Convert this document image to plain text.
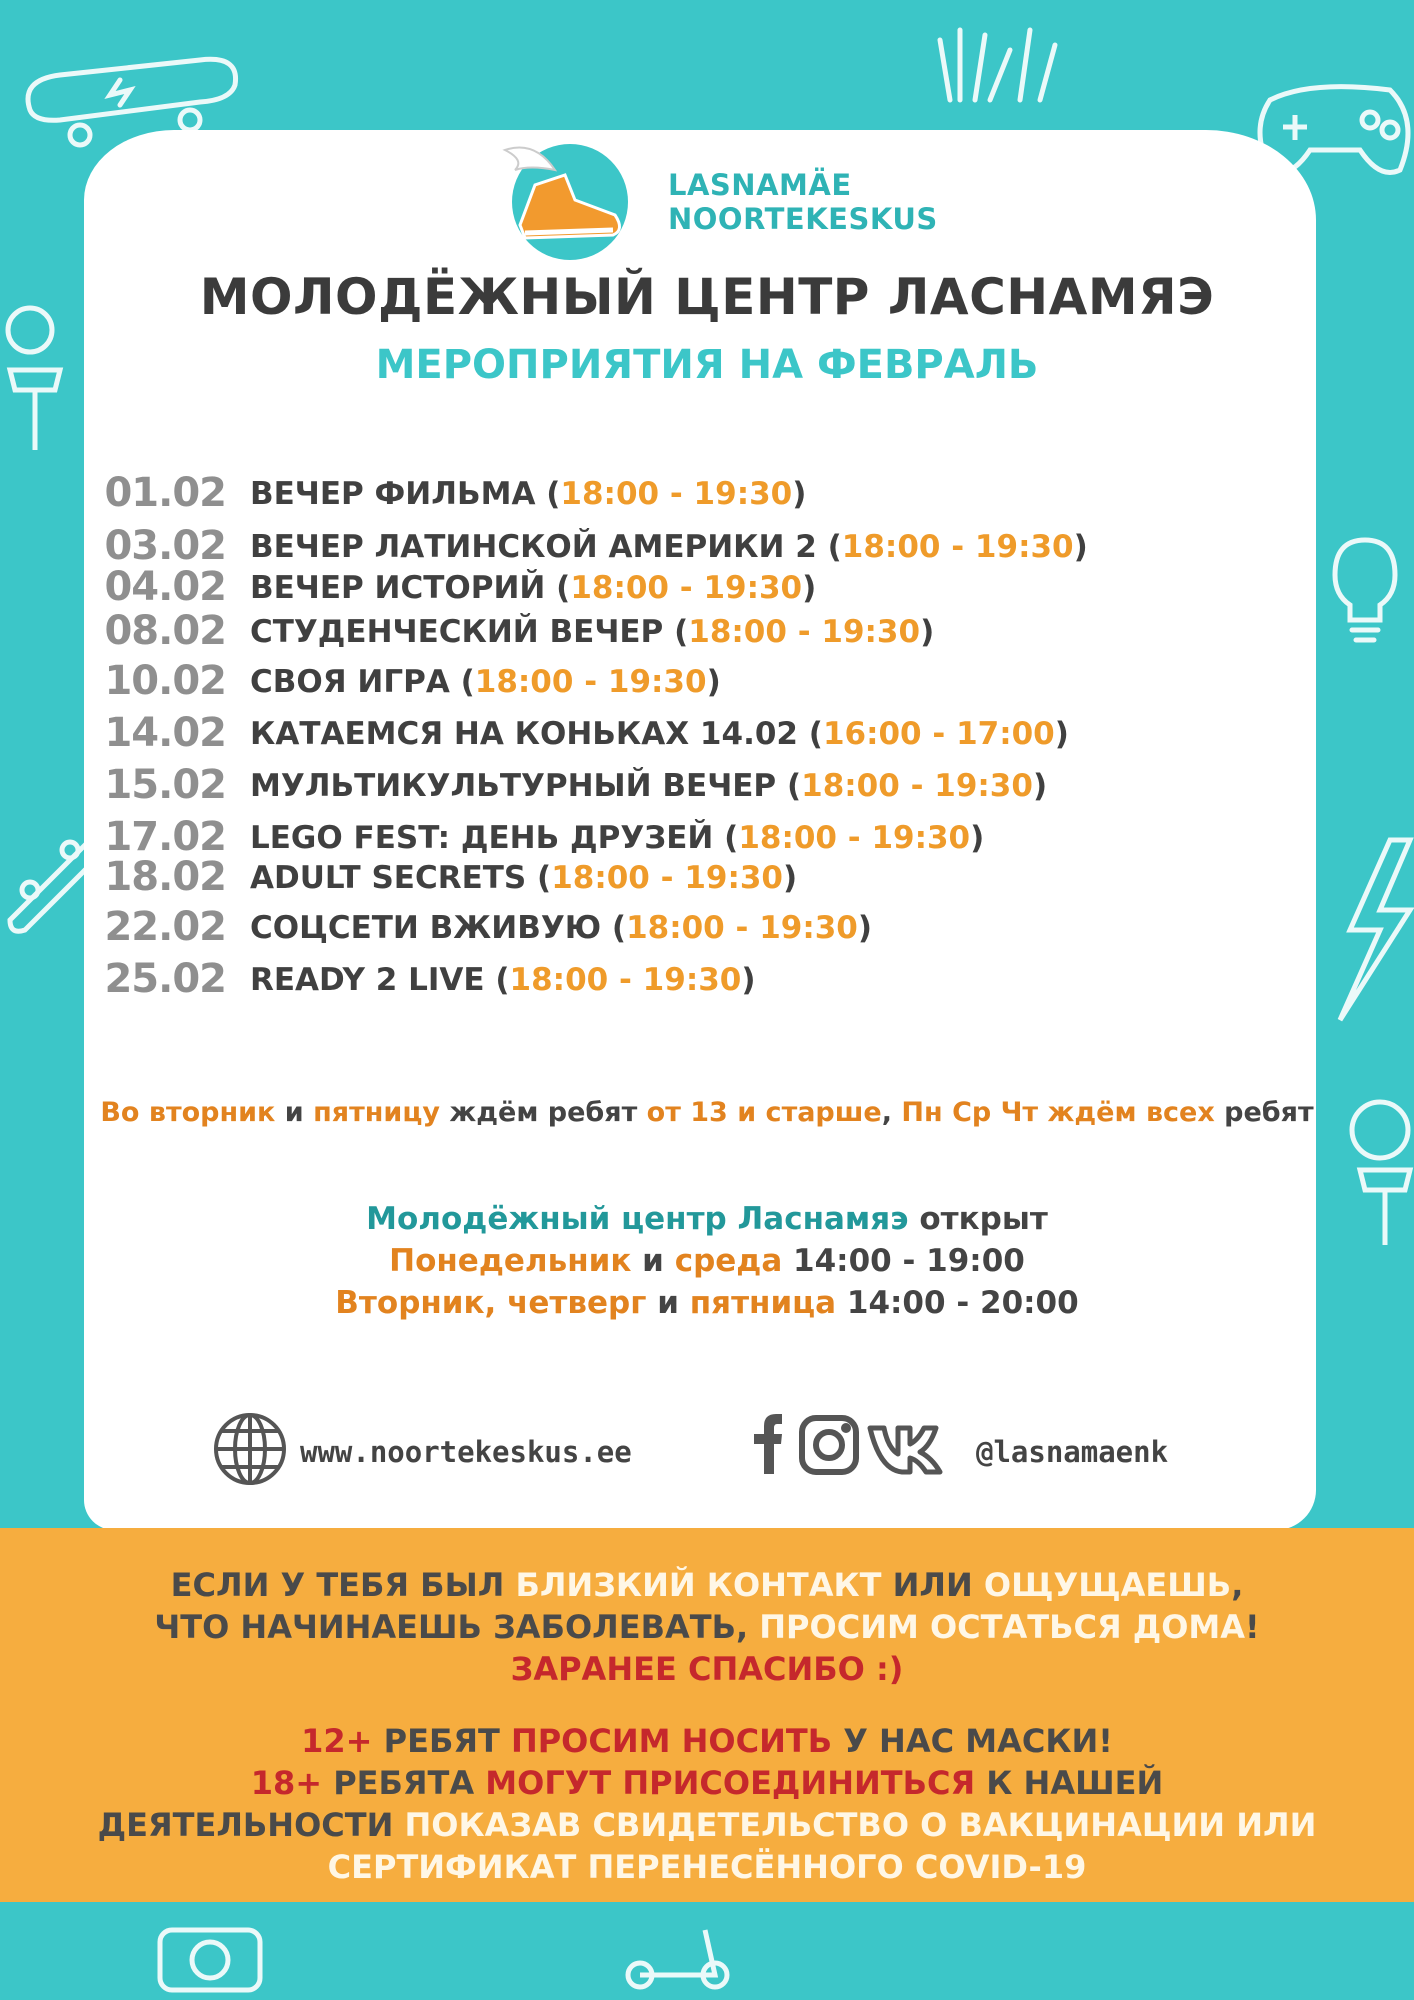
LASNAMÄE
NOORTEKESKUS
МОЛОДЁЖНЫЙ ЦЕНТР ЛАСНАМЯЭ
МЕРОПРИЯТИЯ НА ФЕВРАЛЬ
01.02 ВЕЧЕР ФИЛЬМА (18:00 - 19:30)
03.02 ВЕЧЕР ЛАТИНСКОЙ АМЕРИКИ 2 (18:00 - 19:30)
04.02 ВЕЧЕР ИСТОРИЙ (18:00 - 19:30)
08.02 СТУДЕНЧЕСКИЙ ВЕЧЕР (18:00 - 19:30)
10.02 СВОЯ ИГРА (18:00 - 19:30)
14.02 КАТАЕМСЯ НА КОНЬКАХ 14.02 (16:00 - 17:00)
15.02 МУЛЬТИКУЛЬТУРНЫЙ ВЕЧЕР (18:00 - 19:30)
17.02 LEGO FEST: ДЕНЬ ДРУЗЕЙ (18:00 - 19:30)
18.02 ADULT SECRETS (18:00 - 19:30)
22.02 СОЦСЕТИ ВЖИВУЮ (18:00 - 19:30)
25.02 READY 2 LIVE (18:00 - 19:30)
Во вторник и пятницу ждём ребят от 13 и старше, Пн Ср Чт ждём всех ребят
Молодёжный центр Ласнамяэ открыт
Понедельник и среда 14:00 - 19:00
Вторник, четверг и пятница 14:00 - 20:00
www.noortekeskus.ee	@lasnamaenk

ЕСЛИ У ТЕБЯ БЫЛ БЛИЗКИЙ КОНТАКТ ИЛИ ОЩУЩАЕШЬ,

ЧТО НАЧИНАЕШЬ ЗАБОЛЕВАТЬ, ПРОСИМ ОСТАТЬСЯ ДОМА!

ЗАРАНЕЕ СПАСИБО :)

12+ РЕБЯТ ПРОСИМ НОСИТЬ У НАС МАСКИ!

18+ РЕБЯТА МОГУТ ПРИСОЕДИНИТЬСЯ К НАШЕЙ

ДЕЯТЕЛЬНОСТИ ПОКАЗАВ СВИДЕТЕЛЬСТВО О ВАКЦИНАЦИИ ИЛИ

СЕРТИФИКАТ ПЕРЕНЕСЁННОГО COVID-19
